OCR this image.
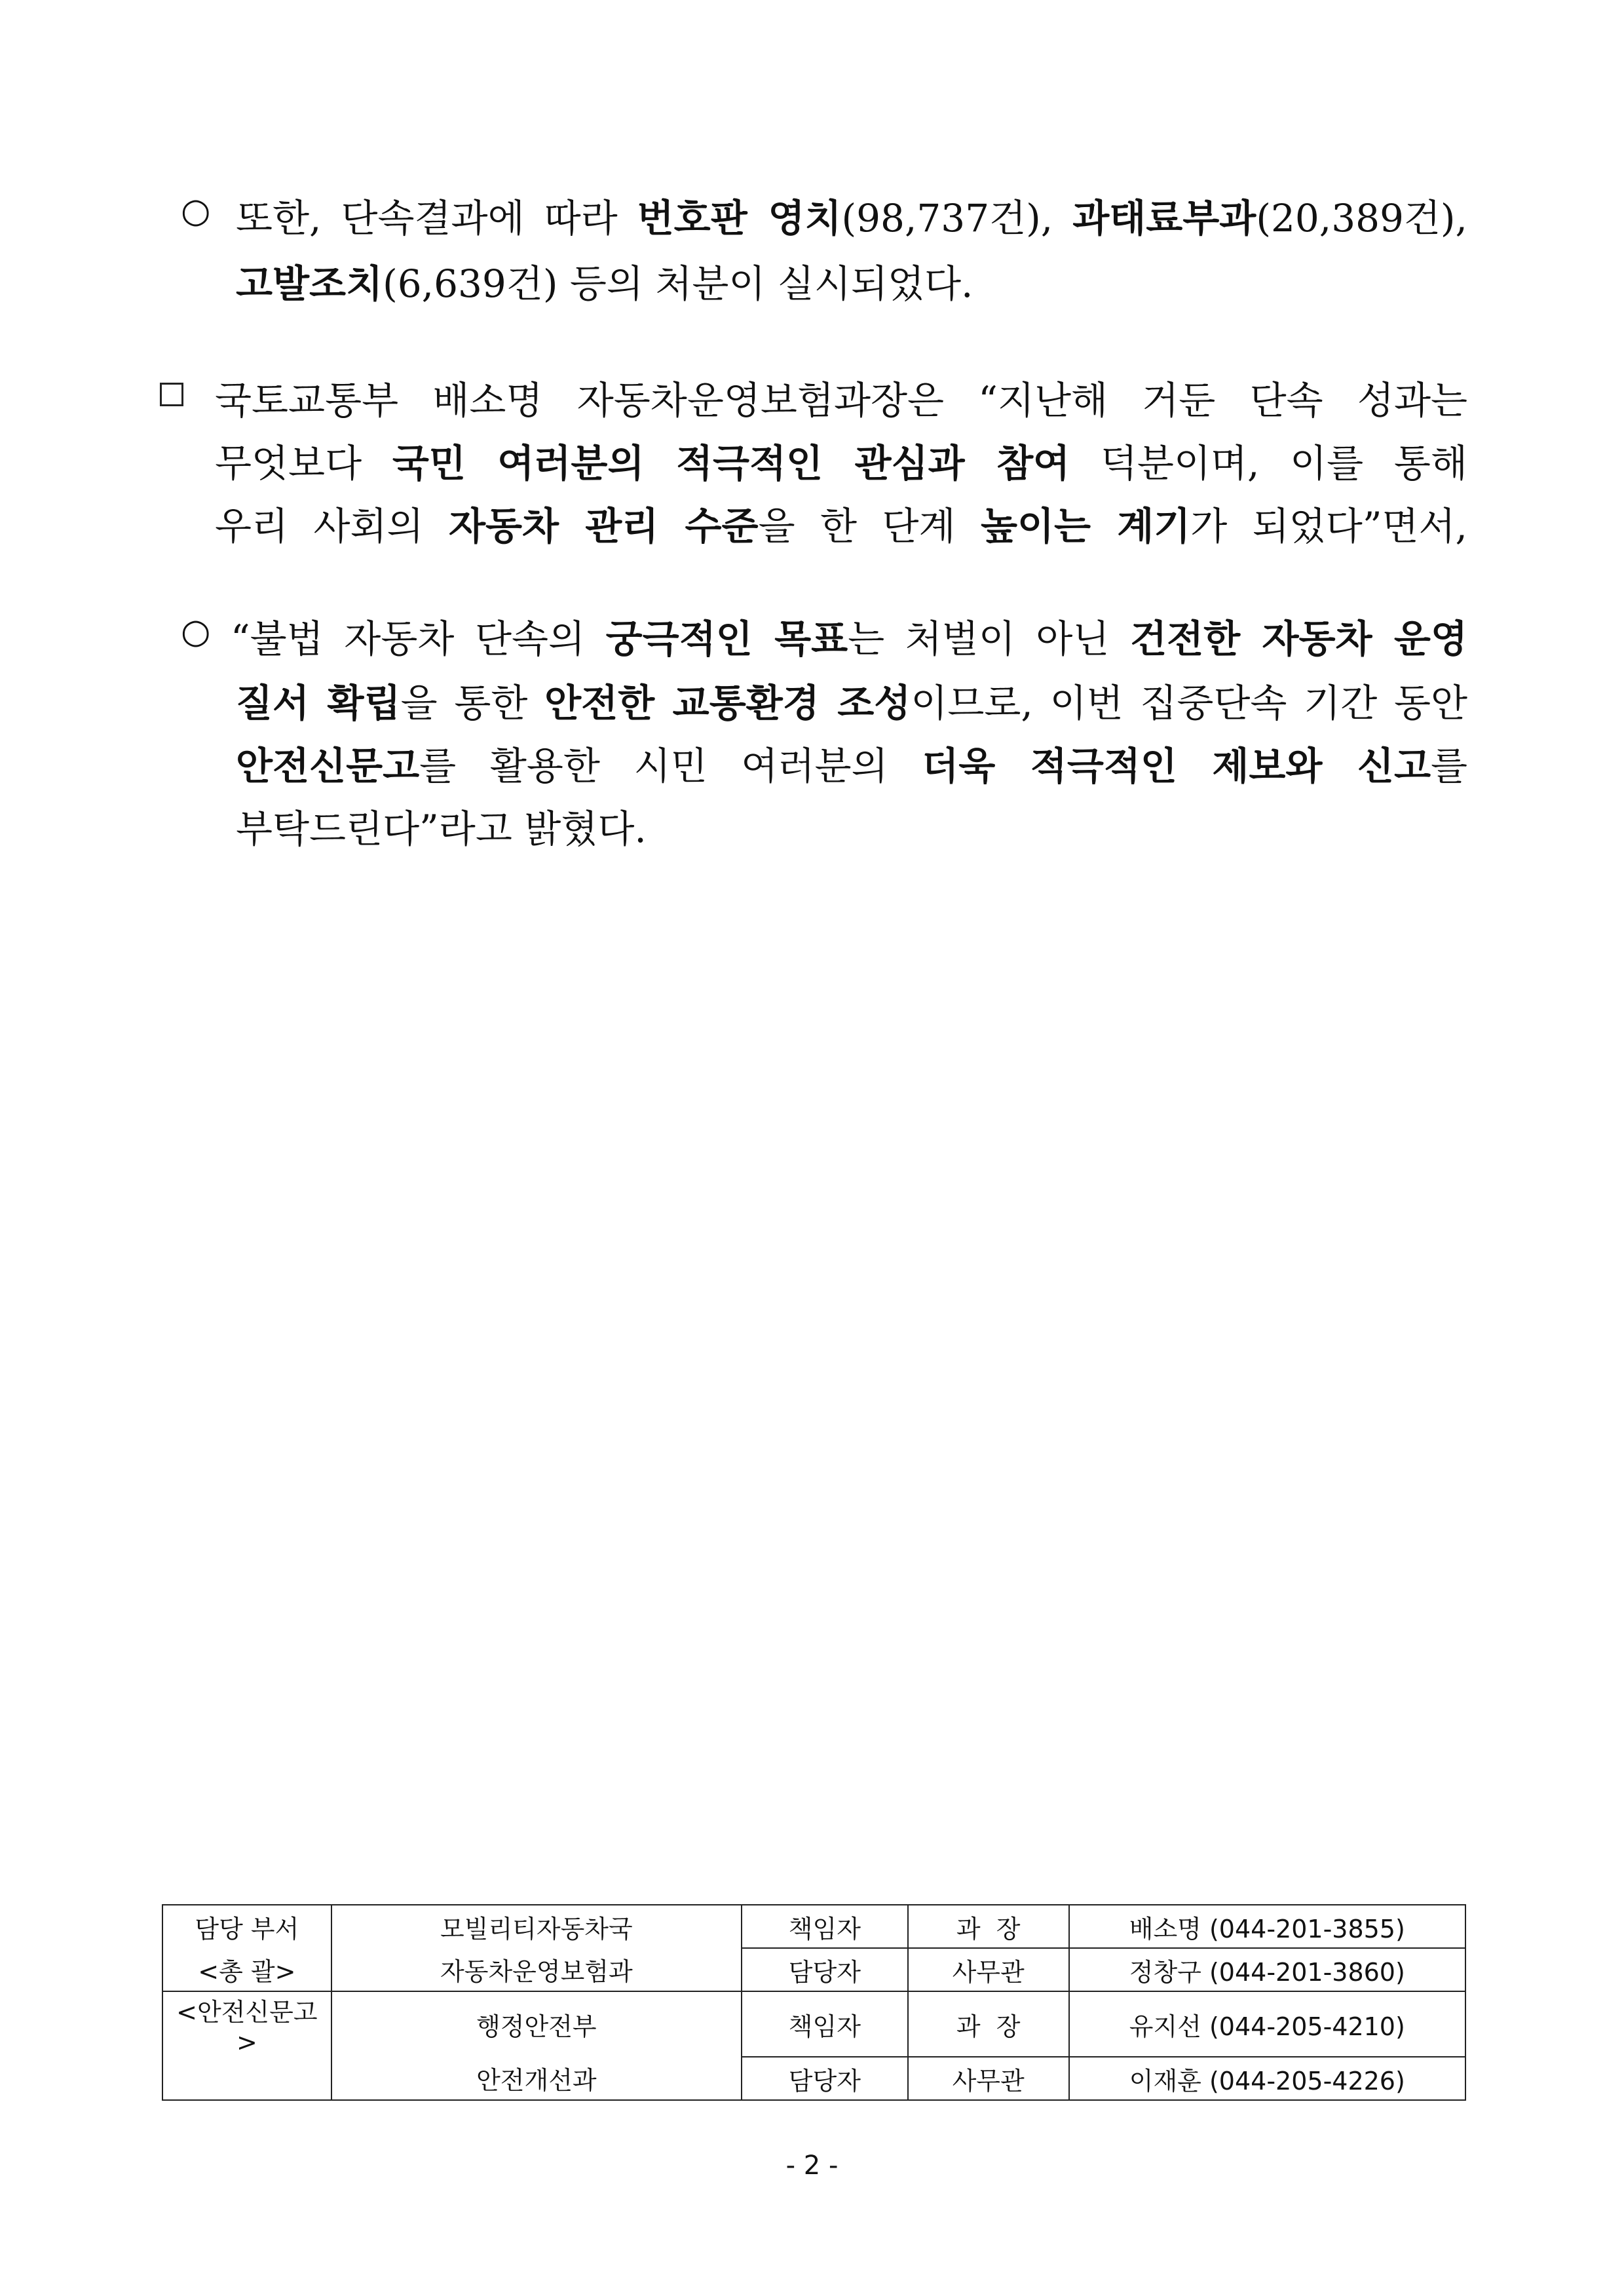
○ 또한, 단속결과에 따라 번호판 영치(98,737건), 과태료부과(20,389건),
고발조치(6,639건) 등의 처분이 실시되었다.
국토교통부 배소명 자동차운영보험과장은 “지난해 거둔 단속 성과는
무엇보다 국민 여러분의 적극적인 관심과 참여 덕분이며, 이를 통해
우리 사회의 자동차 관리 수준을 한 단계 높이는 계기가 되었다”면서,
○ “불법 자동차 단속의 궁극적인 목표는 처벌이 아닌 건전한 자동차 운영
질서 확립을 통한 안전한 교통환경 조성이므로, 이번 집중단속 기간 동안
안전신문고를 활용한 시민 여러분의 더욱 적극적인 제보와 신고를
부탁드린다”라고 밝혔다.
담당 부서	모빌리티자동차국	책임자	과  장	배소명 (044-201-3855)
<총 괄>	자동차운영보험과	담당자	사무관	정창구 (044-201-3860)
<안전신문고>	행정안전부	책임자	과  장	유지선 (044-205-4210)
	안전개선과	담당자	사무관	이재훈 (044-205-4226)
- 2 -
